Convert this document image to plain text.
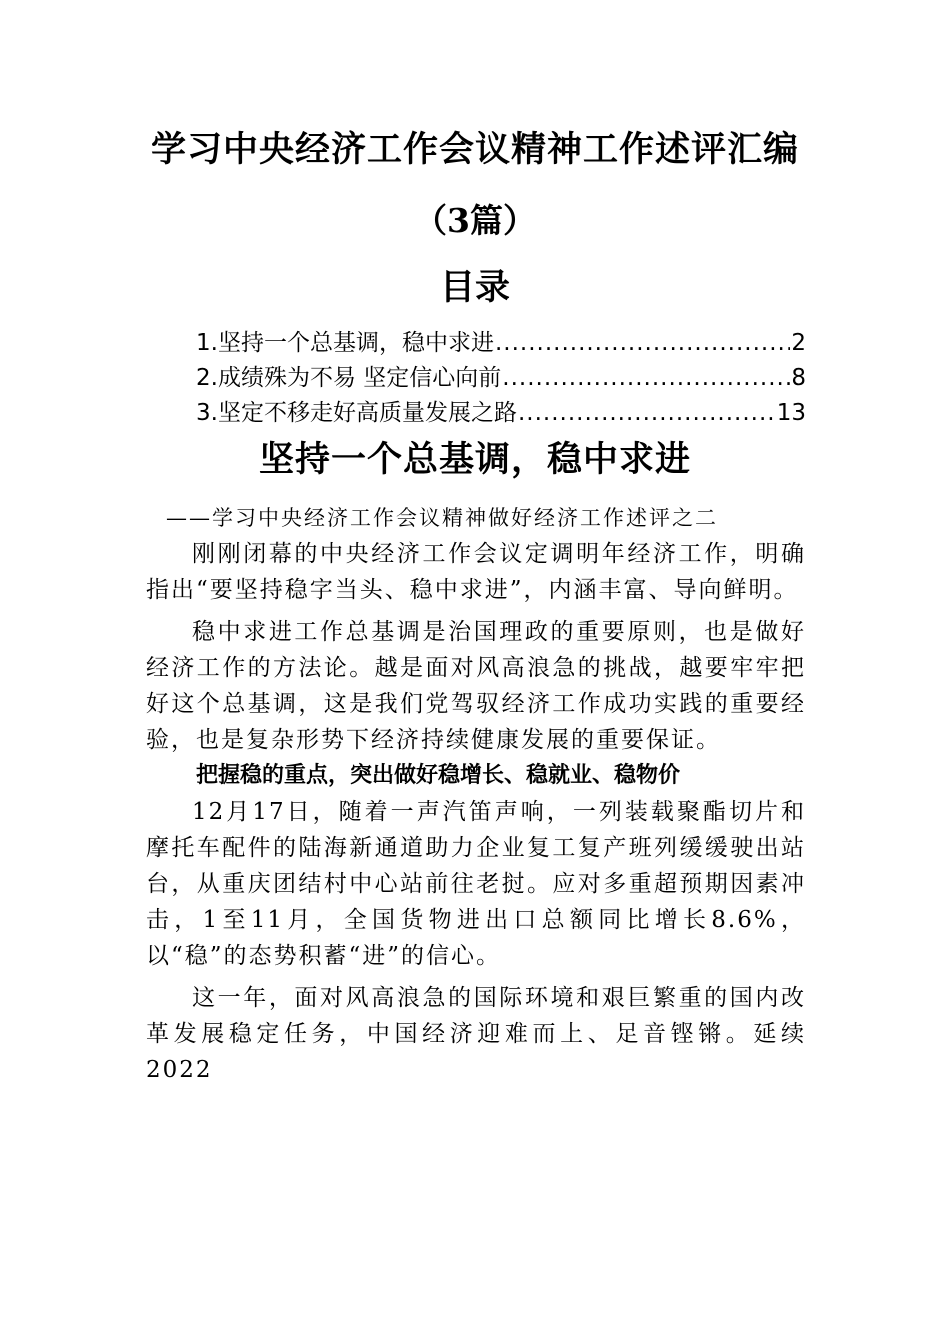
学习中央经济工作会议精神工作述评汇编
（3篇）
目录
1.坚持一个总基调，稳中求进 .....	2
2.成绩殊为不易 坚定信心向前 .....	8
3.坚定不移走好高质量发展之路 .....	13
坚持一个总基调，稳中求进
——学习中央经济工作会议精神做好经济工作述评之二

刚刚闭幕的中央经济工作会议定调明年经济工作，明确指出“要坚持稳字当头、稳中求进”，内涵丰富、导向鲜明。

稳中求进工作总基调是治国理政的重要原则，也是做好经济工作的方法论。越是面对风高浪急的挑战，越要牢牢把好这个总基调，这是我们党驾驭经济工作成功实践的重要经验，也是复杂形势下经济持续健康发展的重要保证。

把握稳的重点，突出做好稳增长、稳就业、稳物价

12月17日，随着一声汽笛声响，一列装载聚酯切片和摩托车配件的陆海新通道助力企业复工复产班列缓缓驶出站台，从重庆团结村中心站前往老挝。应对多重超预期因素冲击，1至11月，全国货物进出口总额同比增长8.6%，以“稳”的态势积蓄“进”的信心。

这一年，面对风高浪急的国际环境和艰巨繁重的国内改革发展稳定任务，中国经济迎难而上、足音铿锵。延续2022
